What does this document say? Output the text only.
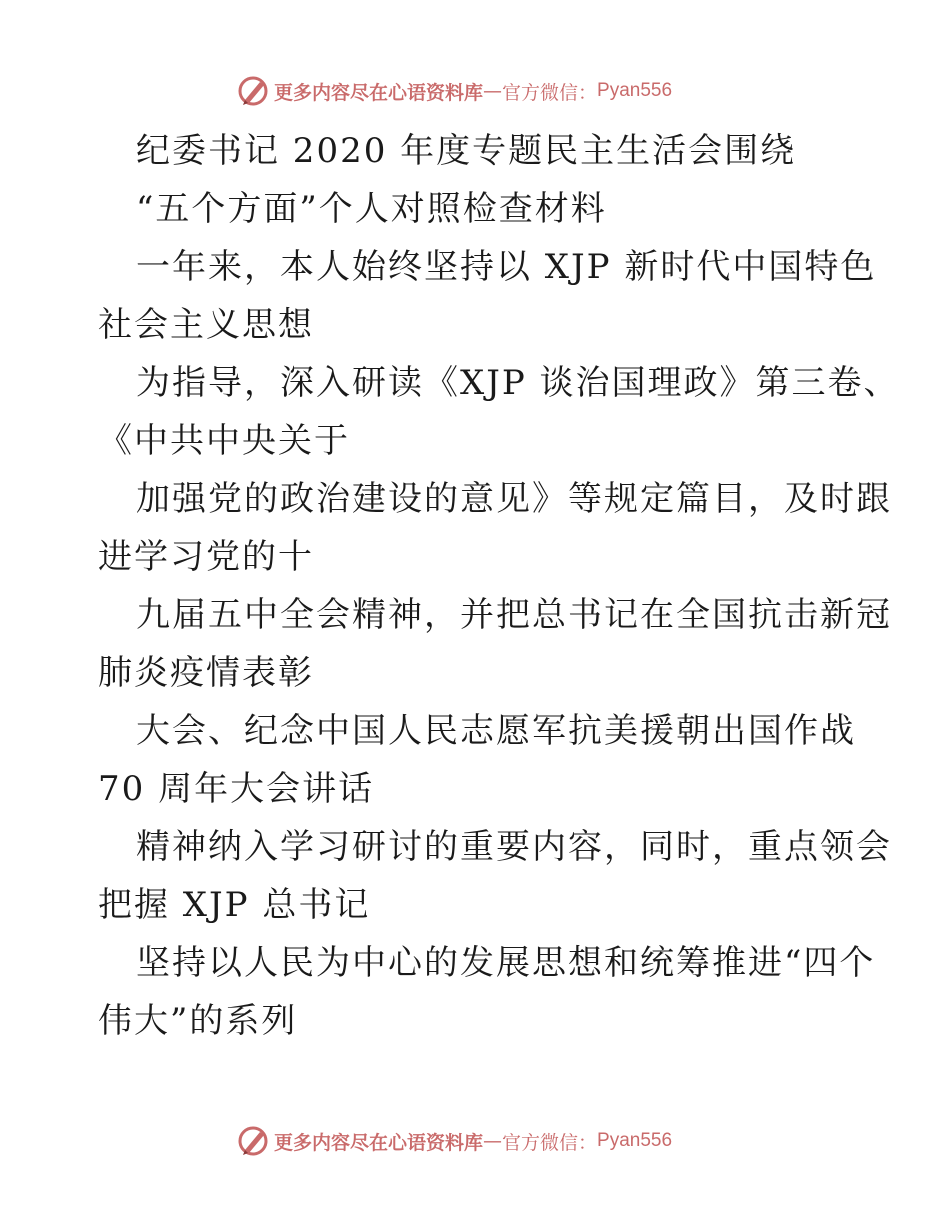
更多内容尽在心语资料库 — 官方微信： Pyan556
纪委书记 2020 年度专题民主生活会围绕
“五个方面”个人对照检查材料
一年来，本人始终坚持以 XJP 新时代中国特色
社会主义思想
为指导，深入研读《XJP 谈治国理政》第三卷、
《中共中央关于
加强党的政治建设的意见》等规定篇目，及时跟
进学习党的十
九届五中全会精神，并把总书记在全国抗击新冠
肺炎疫情表彰
大会、纪念中国人民志愿军抗美援朝出国作战
70 周年大会讲话
精神纳入学习研讨的重要内容，同时，重点领会
把握 XJP 总书记
坚持以人民为中心的发展思想和统筹推进“四个
伟大”的系列
更多内容尽在心语资料库 — 官方微信： Pyan556
